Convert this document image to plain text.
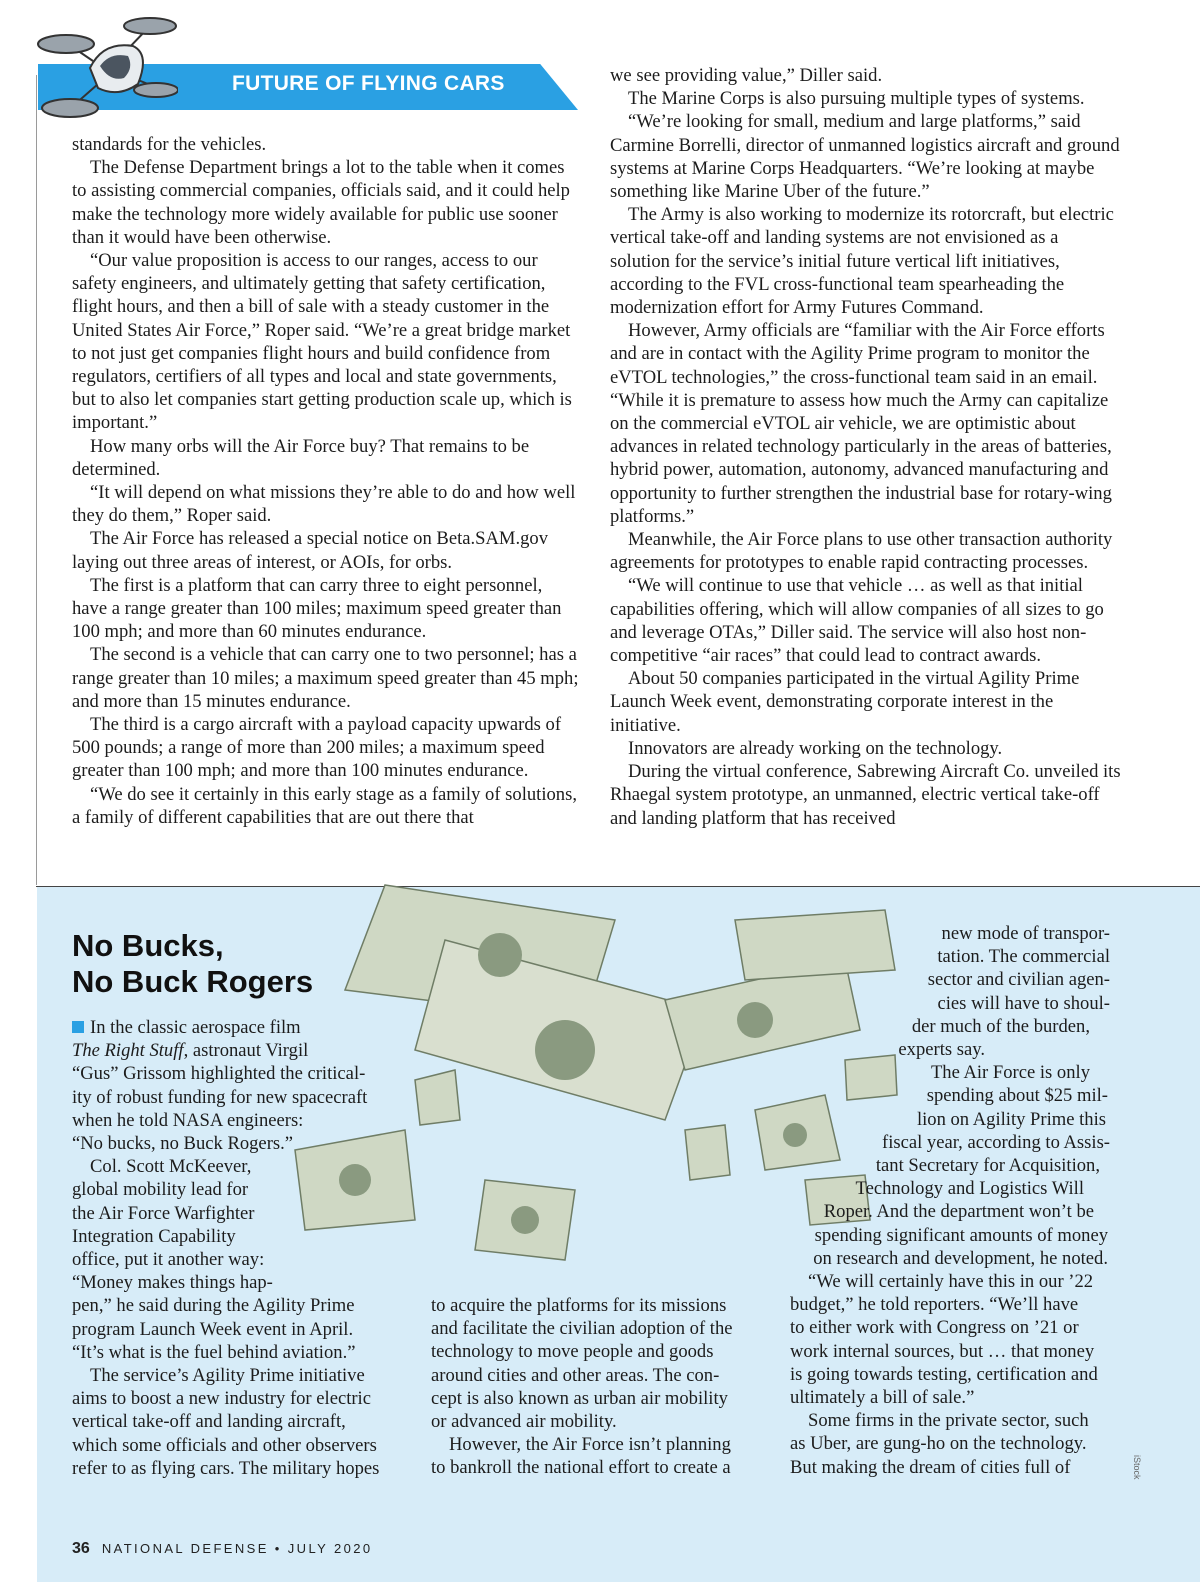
FUTURE OF FLYING CARS

standards for the vehicles.

The Defense Department brings a lot to the table when it comes to assisting commercial companies, officials said, and it could help make the technology more widely available for public use sooner than it would have been otherwise.

“Our value proposition is access to our ranges, access to our safety engineers, and ultimately getting that safety certification, flight hours, and then a bill of sale with a steady customer in the United States Air Force,” Roper said. “We’re a great bridge market to not just get companies flight hours and build confidence from regulators, certifiers of all types and local and state governments, but to also let companies start getting production scale up, which is important.”

How many orbs will the Air Force buy? That remains to be determined.

“It will depend on what missions they’re able to do and how well they do them,” Roper said.

The Air Force has released a special notice on Beta.SAM.gov laying out three areas of interest, or AOIs, for orbs.

The first is a platform that can carry three to eight personnel, have a range greater than 100 miles; maximum speed greater than 100 mph; and more than 60 minutes endurance.

The second is a vehicle that can carry one to two personnel; has a range greater than 10 miles; a maximum speed greater than 45 mph; and more than 15 minutes endurance.

The third is a cargo aircraft with a payload capacity upwards of 500 pounds; a range of more than 200 miles; a maximum speed greater than 100 mph; and more than 100 minutes endurance.

“We do see it certainly in this early stage as a family of solutions, a family of different capabilities that are out there that

we see providing value,” Diller said.

The Marine Corps is also pursuing multiple types of systems.

“We’re looking for small, medium and large platforms,” said Carmine Borrelli, director of unmanned logistics aircraft and ground systems at Marine Corps Headquarters. “We’re looking at maybe something like Marine Uber of the future.”

The Army is also working to modernize its rotorcraft, but electric vertical take-off and landing systems are not envisioned as a solution for the service’s initial future vertical lift initiatives, according to the FVL cross-functional team spearheading the modernization effort for Army Futures Command.

However, Army officials are “familiar with the Air Force efforts and are in contact with the Agility Prime program to monitor the eVTOL technologies,” the cross-functional team said in an email. “While it is premature to assess how much the Army can capitalize on the commercial eVTOL air vehicle, we are optimistic about advances in related technology particularly in the areas of batteries, hybrid power, automation, autonomy, advanced manufacturing and opportunity to further strengthen the industrial base for rotary-wing platforms.”

Meanwhile, the Air Force plans to use other transaction authority agreements for prototypes to enable rapid contracting processes.

“We will continue to use that vehicle … as well as that initial capabilities offering, which will allow companies of all sizes to go and leverage OTAs,” Diller said. The service will also host non-competitive “air races” that could lead to contract awards.

About 50 companies participated in the virtual Agility Prime Launch Week event, demonstrating corporate interest in the initiative.

Innovators are already working on the technology.

During the virtual conference, Sabrewing Aircraft Co. unveiled its Rhaegal system prototype, an unmanned, electric vertical take-off and landing platform that has received

No Bucks,
No Buck Rogers
In the classic aerospace film
The Right Stuff, astronaut Virgil
“Gus” Grissom highlighted the critical-
ity of robust funding for new spacecraft
when he told NASA engineers:
“No bucks, no Buck Rogers.”
Col. Scott McKeever,
global mobility lead for
the Air Force Warfighter
Integration Capability
office, put it another way:
“Money makes things hap-
pen,” he said during the Agility Prime
program Launch Week event in April.
“It’s what is the fuel behind aviation.”
The service’s Agility Prime initiative
aims to boost a new industry for electric
vertical take-off and landing aircraft,
which some officials and other observers
refer to as flying cars. The military hopes
to acquire the platforms for its missions
and facilitate the civilian adoption of the
technology to move people and goods
around cities and other areas. The con-
cept is also known as urban air mobility
or advanced air mobility.
However, the Air Force isn’t planning
to bankroll the national effort to create a
new mode of transpor-
tation. The commercial
sector and civilian agen-
cies will have to shoul-
der much of the burden,
experts say.
The Air Force is only
spending about $25 mil-
lion on Agility Prime this
fiscal year, according to Assis-
tant Secretary for Acquisition,
Technology and Logistics Will
Roper. And the department won’t be
spending significant amounts of money
on research and development, he noted.
“We will certainly have this in our ’22
budget,” he told reporters. “We’ll have
to either work with Congress on ’21 or
work internal sources, but … that money
is going towards testing, certification and
ultimately a bill of sale.”
Some firms in the private sector, such
as Uber, are gung-ho on the technology.
But making the dream of cities full of	iStock
36 NATIONAL DEFENSE • JULY 2020
